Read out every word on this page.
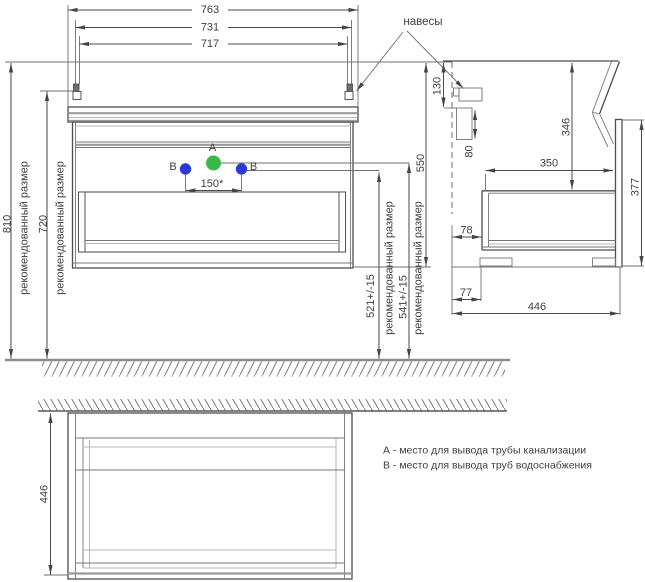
А
В	В
150*
763
731
717
810 рекомендованный размер 720 рекомендованный размер
521+/-15 рекомендованный размер 541+/-15 рекомендованный размер
550
навесы
130
80
346
350
377
78
77
446
446
А - место для вывода трубы канализации
В - место для вывода труб водоснабжения
